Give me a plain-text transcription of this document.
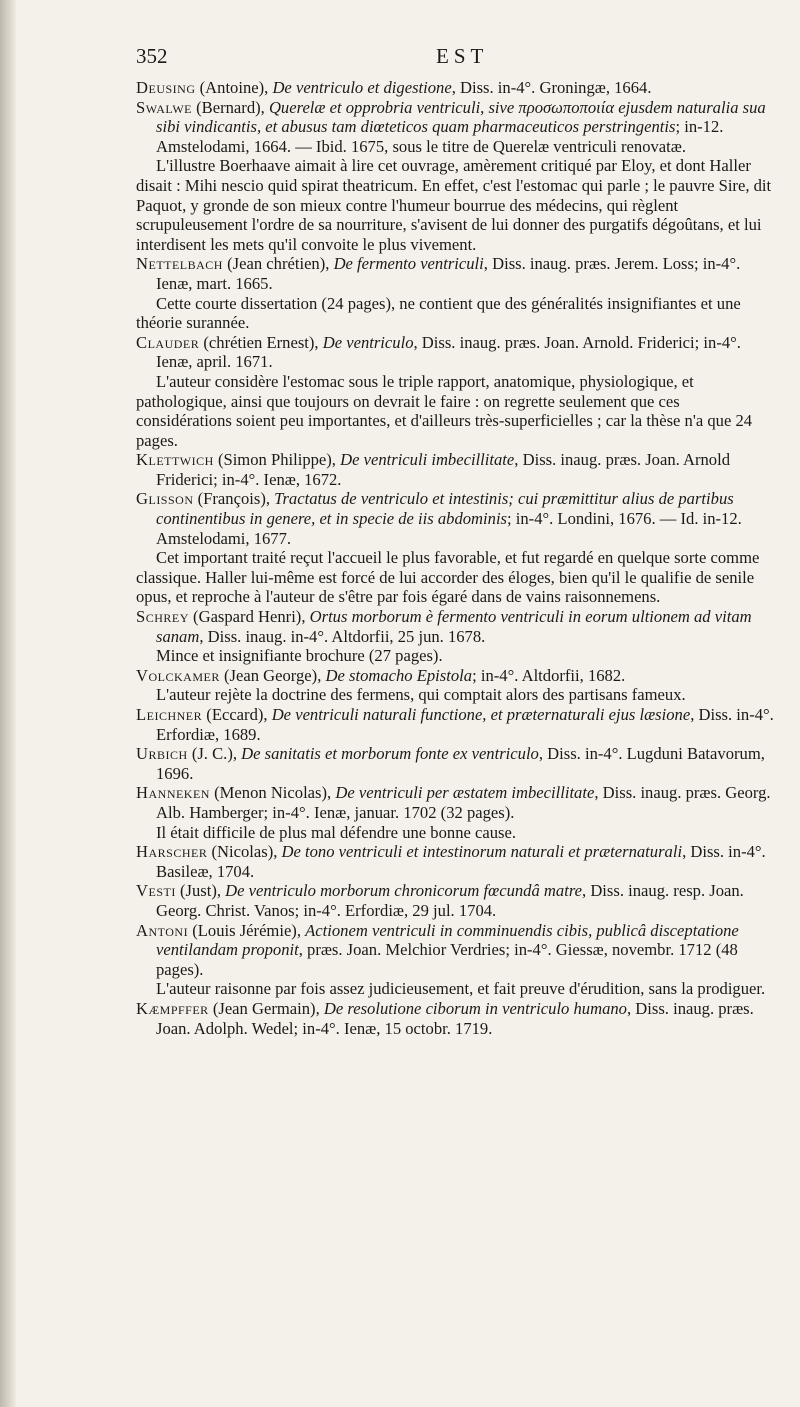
352	EST

Deusing (Antoine), De ventriculo et digestione, Diss. in-4°. Groningæ, 1664.

Swalwe (Bernard), Querelæ et opprobria ventriculi, sive προσωποποιία ejusdem naturalia sua sibi vindicantis, et abusus tam diœteticos quam pharmaceuticos perstringentis; in-12. Amstelodami, 1664. — Ibid. 1675, sous le titre de Querelæ ventriculi renovatæ.

L'illustre Boerhaave aimait à lire cet ouvrage, amèrement critiqué par Eloy, et dont Haller disait : Mihi nescio quid spirat theatricum. En effet, c'est l'estomac qui parle ; le pauvre Sire, dit Paquot, y gronde de son mieux contre l'humeur bourrue des médecins, qui règlent scrupuleusement l'ordre de sa nourriture, s'avisent de lui donner des purgatifs dégoûtans, et lui interdisent les mets qu'il convoite le plus vivement.

Nettelbach (Jean chrétien), De fermento ventriculi, Diss. inaug. præs. Jerem. Loss; in-4°. Ienæ, mart. 1665.

Cette courte dissertation (24 pages), ne contient que des généralités insignifiantes et une théorie surannée.

Clauder (chrétien Ernest), De ventriculo, Diss. inaug. præs. Joan. Arnold. Friderici; in-4°. Ienæ, april. 1671.

L'auteur considère l'estomac sous le triple rapport, anatomique, physiologique, et pathologique, ainsi que toujours on devrait le faire : on regrette seulement que ces considérations soient peu importantes, et d'ailleurs très-superficielles ; car la thèse n'a que 24 pages.

Klettwich (Simon Philippe), De ventriculi imbecillitate, Diss. inaug. præs. Joan. Arnold Friderici; in-4°. Ienæ, 1672.

Glisson (François), Tractatus de ventriculo et intestinis; cui præmittitur alius de partibus continentibus in genere, et in specie de iis abdominis; in-4°. Londini, 1676. — Id. in-12. Amstelodami, 1677.

Cet important traité reçut l'accueil le plus favorable, et fut regardé en quelque sorte comme classique. Haller lui-même est forcé de lui accorder des éloges, bien qu'il le qualifie de senile opus, et reproche à l'auteur de s'être par fois égaré dans de vains raisonnemens.

Schrey (Gaspard Henri), Ortus morborum è fermento ventriculi in eorum ultionem ad vitam sanam, Diss. inaug. in-4°. Altdorfii, 25 jun. 1678.

Mince et insignifiante brochure (27 pages).

Volckamer (Jean George), De stomacho Epistola; in-4°. Altdorfii, 1682.

L'auteur rejète la doctrine des fermens, qui comptait alors des partisans fameux.

Leichner (Eccard), De ventriculi naturali functione, et præternaturali ejus læsione, Diss. in-4°. Erfordiæ, 1689.

Urbich (J. C.), De sanitatis et morborum fonte ex ventriculo, Diss. in-4°. Lugduni Batavorum, 1696.

Hanneken (Menon Nicolas), De ventriculi per æstatem imbecillitate, Diss. inaug. præs. Georg. Alb. Hamberger; in-4°. Ienæ, januar. 1702 (32 pages).

Il était difficile de plus mal défendre une bonne cause.

Harscher (Nicolas), De tono ventriculi et intestinorum naturali et præternaturali, Diss. in-4°. Basileæ, 1704.

Vesti (Just), De ventriculo morborum chronicorum fœcundâ matre, Diss. inaug. resp. Joan. Georg. Christ. Vanos; in-4°. Erfordiæ, 29 jul. 1704.

Antoni (Louis Jérémie), Actionem ventriculi in comminuendis cibis, publicâ disceptatione ventilandam proponit, præs. Joan. Melchior Verdries; in-4°. Giessæ, novembr. 1712 (48 pages).

L'auteur raisonne par fois assez judicieusement, et fait preuve d'érudition, sans la prodiguer.

Kæmpffer (Jean Germain), De resolutione ciborum in ventriculo humano, Diss. inaug. præs. Joan. Adolph. Wedel; in-4°. Ienæ, 15 octobr. 1719.
